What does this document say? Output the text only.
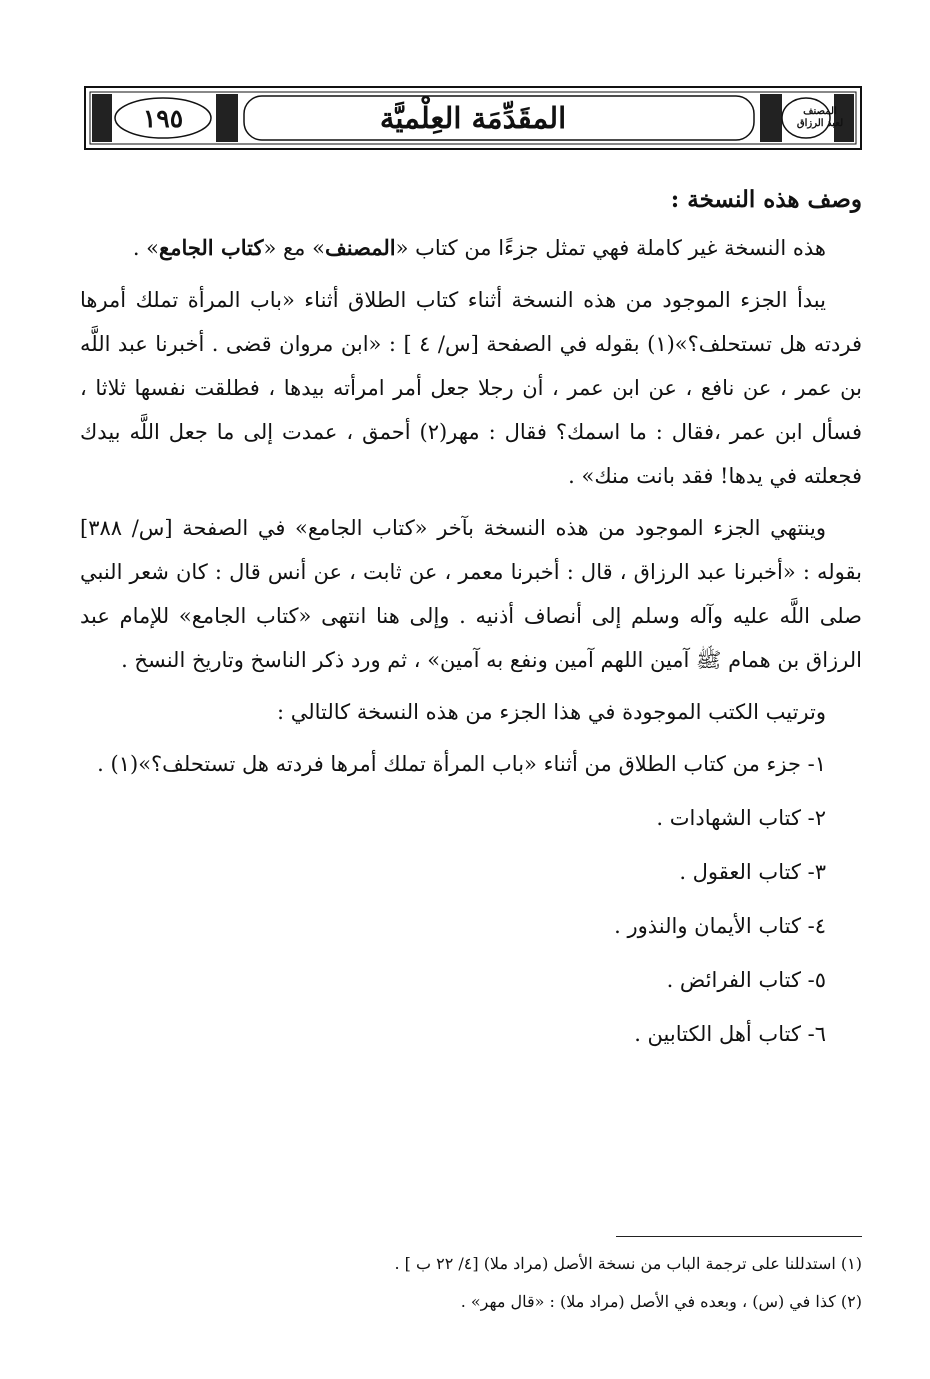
المقَدِّمَة العِلْميَّة
١٩٥	المصنف
لعبد الرزاق
وصف هذه النسخة :

هذه النسخة غير كاملة فهي تمثل جزءًا من كتاب «المصنف» مع «كتاب الجامع» .

يبدأ الجزء الموجود من هذه النسخة أثناء كتاب الطلاق أثناء «باب المرأة تملك أمرها فردته هل تستحلف؟»(١) بقوله في الصفحة [س/ ٤ ] : «ابن مروان قضى . أخبرنا عبد اللَّه بن عمر ، عن نافع ، عن ابن عمر ، أن رجلا جعل أمر امرأته بيدها ، فطلقت نفسها ثلاثا ، فسأل ابن عمر ،فقال : ما اسمك؟ فقال : مهر(٢) أحمق ، عمدت إلى ما جعل اللَّه بيدك فجعلته في يدها! فقد بانت منك» .

وينتهي الجزء الموجود من هذه النسخة بآخر «كتاب الجامع» في الصفحة [س/ ٣٨٨] بقوله : «أخبرنا عبد الرزاق ، قال : أخبرنا معمر ، عن ثابت ، عن أنس قال : كان شعر النبي صلى اللَّه عليه وآله وسلم إلى أنصاف أذنيه . وإلى هنا انتهى «كتاب الجامع» للإمام عبد الرزاق بن همام ﷺ آمين اللهم آمين ونفع به آمين» ، ثم ورد ذكر الناسخ وتاريخ النسخ .

وترتيب الكتب الموجودة في هذا الجزء من هذه النسخة كالتالي :

١- جزء من كتاب الطلاق من أثناء «باب المرأة تملك أمرها فردته هل تستحلف؟»(١) .
٢- كتاب الشهادات .
٣- كتاب العقول .
٤- كتاب الأيمان والنذور .
٥- كتاب الفرائض .
٦- كتاب أهل الكتابين .

(١) استدللنا على ترجمة الباب من نسخة الأصل (مراد ملا) [٤/ ٢٢ ب ] .

(٢) كذا في (س) ، وبعده في الأصل (مراد ملا) : «قال مهر» .
